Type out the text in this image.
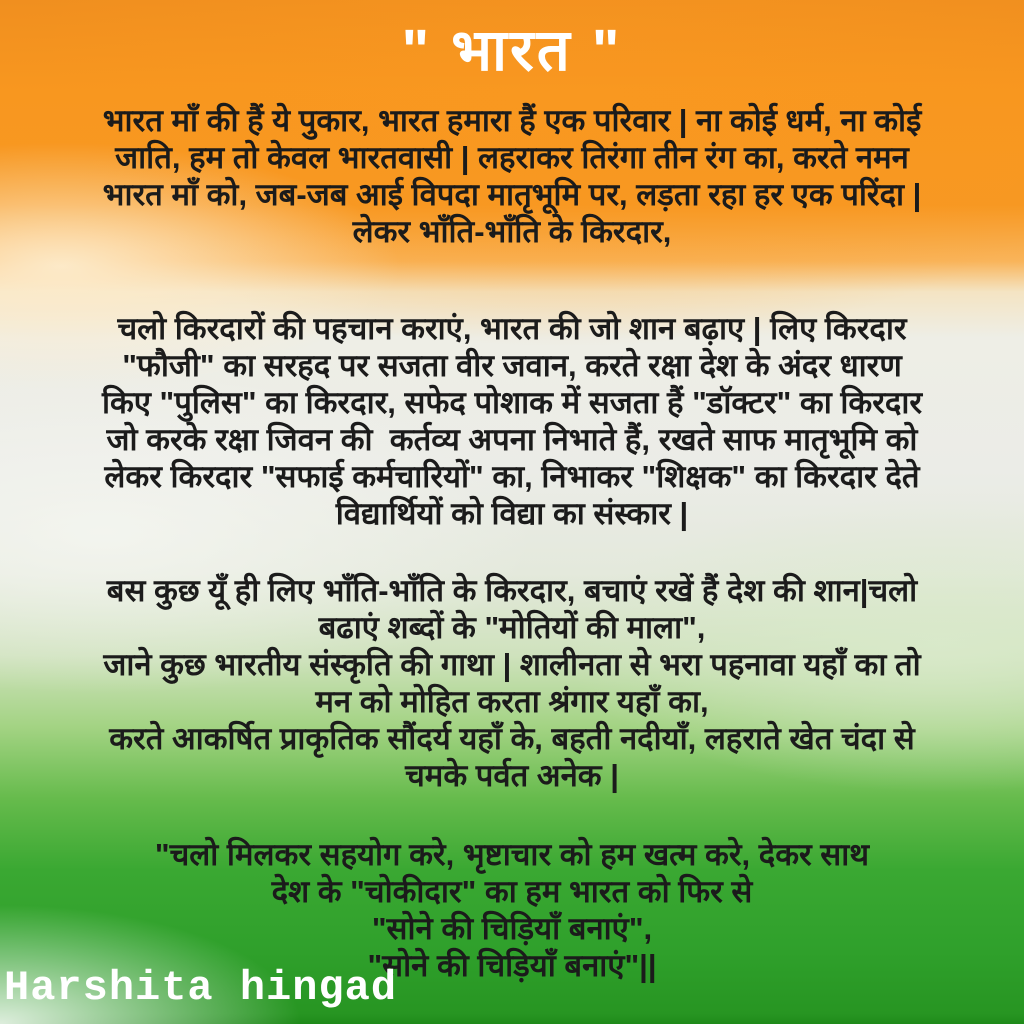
" भारत "
भारत माँ की हैं ये पुकार, भारत हमारा हैं एक परिवार | ना कोई धर्म, ना कोई
जाति, हम तो केवल भारतवासी | लहराकर तिरंगा तीन रंग का, करते नमन
भारत माँ को, जब-जब आई विपदा मातृभूमि पर, लड़ता रहा हर एक परिंदा |
लेकर भाँति-भाँति के किरदार,
चलो किरदारों की पहचान कराएं, भारत की जो शान बढ़ाए | लिए किरदार
"फौजी" का सरहद पर सजता वीर जवान, करते रक्षा देश के अंदर धारण
किए "पुलिस" का किरदार, सफेद पोशाक में सजता हैं "डॉक्टर" का किरदार
जो करके रक्षा जिवन की  कर्तव्य अपना निभाते हैं, रखते साफ मातृभूमि को
लेकर किरदार "सफाई कर्मचारियों" का, निभाकर "शिक्षक" का किरदार देते
विद्यार्थियों को विद्या का संस्कार |
बस कुछ यूँ ही लिए भाँति-भाँति के किरदार, बचाएं रखें हैं देश की शान|चलो
बढाएं शब्दों के "मोतियों की माला",
जाने कुछ भारतीय संस्कृति की गाथा | शालीनता से भरा पहनावा यहाँ का तो
मन को मोहित करता श्रंगार यहाँ का,
करते आकर्षित प्राकृतिक सौंदर्य यहाँ के, बहती नदीयाँ, लहराते खेत चंदा से
चमके पर्वत अनेक |
"चलो मिलकर सहयोग करे, भृष्टाचार को हम खत्म करे, देकर साथ
देश के "चोकीदार" का हम भारत को फिर से
"सोने की चिड़ियाँ बनाएं",
"सोने की चिड़ियाँ बनाएं"||
Harshita hingad
